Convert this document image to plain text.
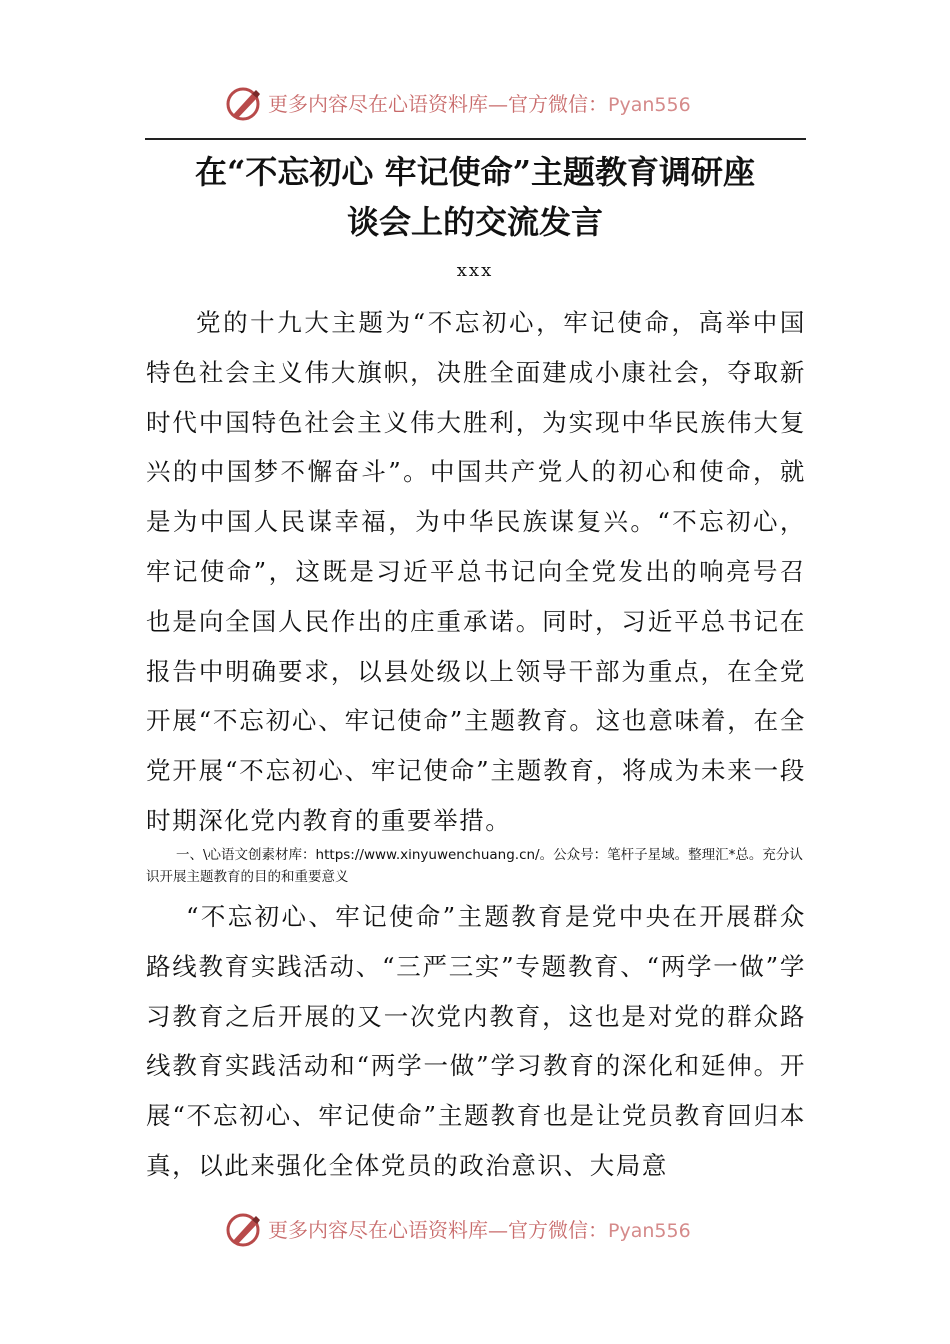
更多内容尽在心语资料库—官方微信：Pyan556
在“不忘初心 牢记使命”主题教育调研座
谈会上的交流发言
xxx

党的十九大主题为“不忘初心，牢记使命，高举中国特色社会主义伟大旗帜，决胜全面建成小康社会，夺取新时代中国特色社会主义伟大胜利，为实现中华民族伟大复兴的中国梦不懈奋斗”。中国共产党人的初心和使命，就是为中国人民谋幸福，为中华民族谋复兴。“不忘初心，牢记使命”，这既是习近平总书记向全党发出的响亮号召也是向全国人民作出的庄重承诺。同时，习近平总书记在报告中明确要求，以县处级以上领导干部为重点，在全党开展“不忘初心、牢记使命”主题教育。这也意味着，在全党开展“不忘初心、牢记使命”主题教育，将成为未来一段时期深化党内教育的重要举措。

一、\心语文创素材库：https://www.xinyuwenchuang.cn/。公众号：笔杆子星域。整理汇*总。充分认识开展主题教育的目的和重要意义

“不忘初心、牢记使命”主题教育是党中央在开展群众路线教育实践活动、“三严三实”专题教育、“两学一做”学习教育之后开展的又一次党内教育，这也是对党的群众路线教育实践活动和“两学一做”学习教育的深化和延伸。开展“不忘初心、牢记使命”主题教育也是让党员教育回归本真，以此来强化全体党员的政治意识、大局意

更多内容尽在心语资料库—官方微信：Pyan556
